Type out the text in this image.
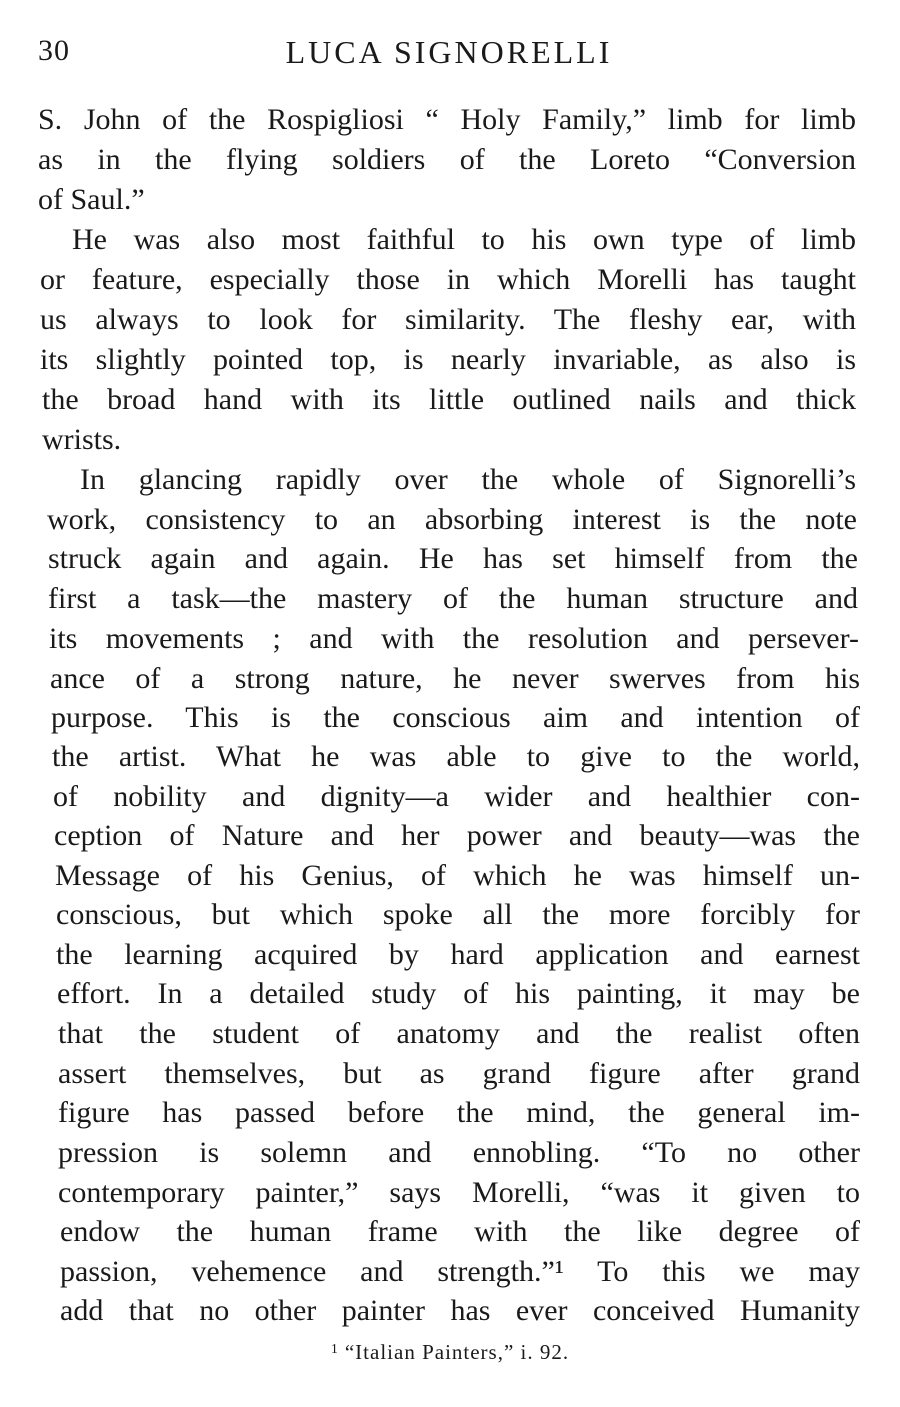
30	LUCA SIGNORELLI
S. John of the Rospigliosi “ Holy Family,” limb for limb
as in the flying soldiers of the Loreto “Conversion
of Saul.”
He was also most faithful to his own type of limb
or feature, especially those in which Morelli has taught
us always to look for similarity. The fleshy ear, with
its slightly pointed top, is nearly invariable, as also is
the broad hand with its little outlined nails and thick
wrists.
In glancing rapidly over the whole of Signorelli’s
work, consistency to an absorbing interest is the note
struck again and again. He has set himself from the
first a task—the mastery of the human structure and
its movements ; and with the resolution and persever-
ance of a strong nature, he never swerves from his
purpose. This is the conscious aim and intention of
the artist. What he was able to give to the world,
of nobility and dignity—a wider and healthier con-
ception of Nature and her power and beauty—was the
Message of his Genius, of which he was himself un-
conscious, but which spoke all the more forcibly for
the learning acquired by hard application and earnest
effort. In a detailed study of his painting, it may be
that the student of anatomy and the realist often
assert themselves, but as grand figure after grand
figure has passed before the mind, the general im-
pression is solemn and ennobling. “To no other
contemporary painter,” says Morelli, “was it given to
endow the human frame with the like degree of
passion, vehemence and strength.”¹ To this we may
add that no other painter has ever conceived Humanity
$^1$ “Italian Painters,” i. 92.
